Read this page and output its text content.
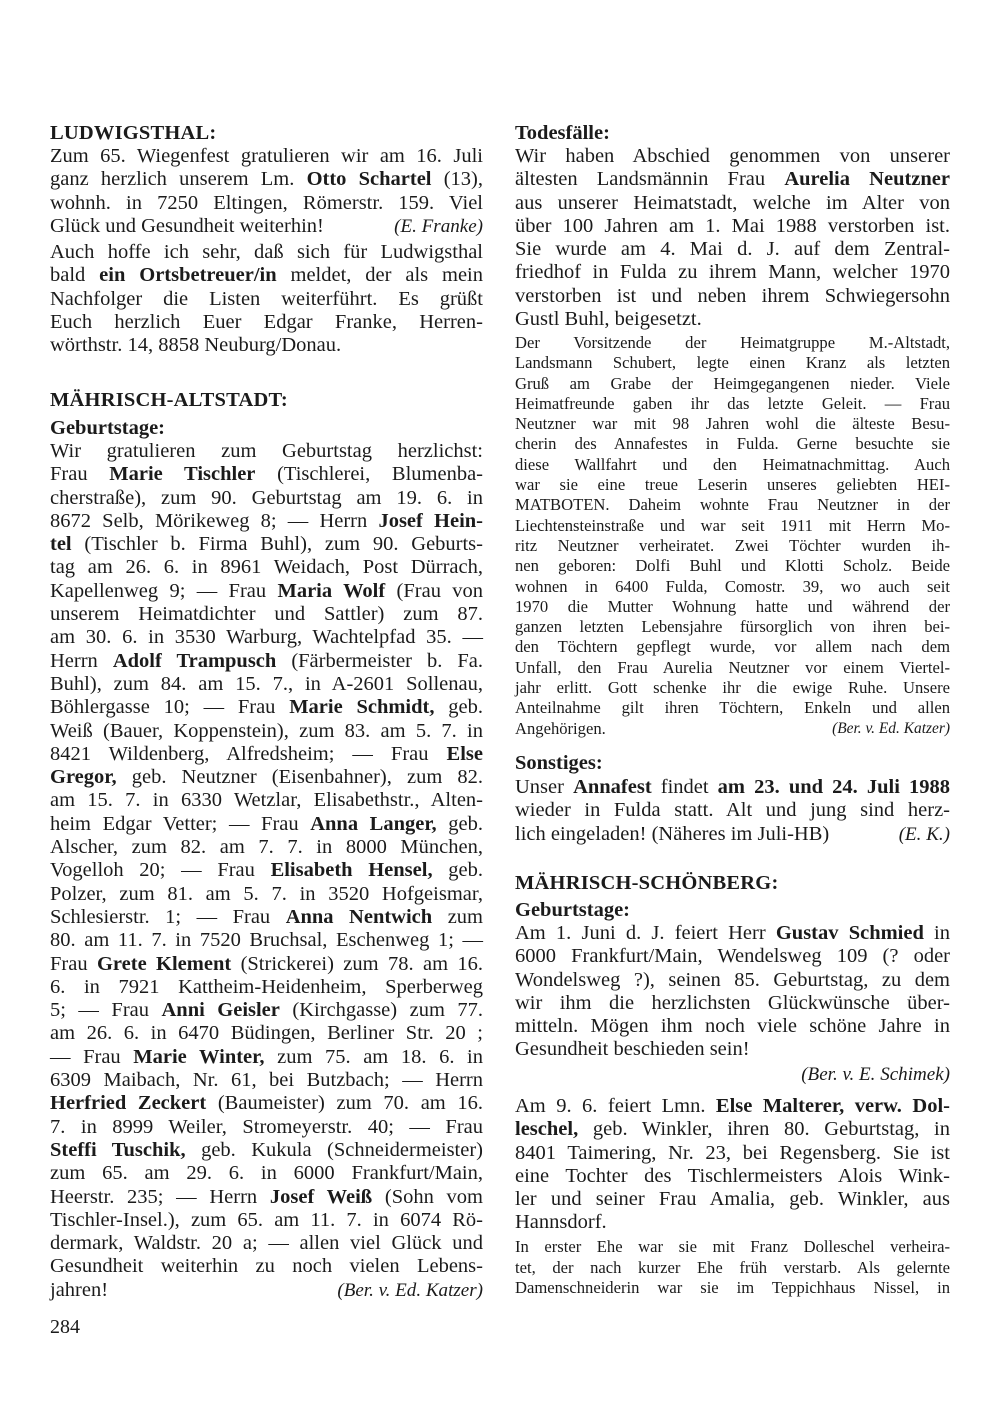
LUDWIGSTHAL:
Zum 65. Wiegenfest gratulieren wir am 16. Juli
ganz herzlich unserem Lm. Otto Schartel (13),
wohnh. in 7250 Eltingen, Römerstr. 159. Viel
(E. Franke)
Glück und Gesundheit weiterhin!
Auch hoffe ich sehr, daß sich für Ludwigsthal
bald ein Ortsbetreuer/in meldet, der als mein
Nachfolger die Listen weiterführt. Es grüßt
Euch herzlich Euer Edgar Franke, Herren-
wörthstr. 14, 8858 Neuburg/Donau.
MÄHRISCH-ALTSTADT:
Geburtstage:
Wir gratulieren zum Geburtstag herzlichst:
Frau Marie Tischler (Tischlerei, Blumenba-
cherstraße), zum 90. Geburtstag am 19. 6. in
8672 Selb, Mörikeweg 8; — Herrn Josef Hein-
tel (Tischler b. Firma Buhl), zum 90. Geburts-
tag am 26. 6. in 8961 Weidach, Post Dürrach,
Kapellenweg 9; — Frau Maria Wolf (Frau von
unserem Heimatdichter und Sattler) zum 87.
am 30. 6. in 3530 Warburg, Wachtelpfad 35. —
Herrn Adolf Trampusch (Färbermeister b. Fa.
Buhl), zum 84. am 15. 7., in A-2601 Sollenau,
Böhlergasse 10; — Frau Marie Schmidt, geb.
Weiß (Bauer, Koppenstein), zum 83. am 5. 7. in
8421 Wildenberg, Alfredsheim; — Frau Else
Gregor, geb. Neutzner (Eisenbahner), zum 82.
am 15. 7. in 6330 Wetzlar, Elisabethstr., Alten-
heim Edgar Vetter; — Frau Anna Langer, geb.
Alscher, zum 82. am 7. 7. in 8000 München,
Vogelloh 20; — Frau Elisabeth Hensel, geb.
Polzer, zum 81. am 5. 7. in 3520 Hofgeismar,
Schlesierstr. 1; — Frau Anna Nentwich zum
80. am 11. 7. in 7520 Bruchsal, Eschenweg 1; —
Frau Grete Klement (Strickerei) zum 78. am 16.
6. in 7921 Kattheim-Heidenheim, Sperberweg
5; — Frau Anni Geisler (Kirchgasse) zum 77.
am 26. 6. in 6470 Büdingen, Berliner Str. 20 ;
— Frau Marie Winter, zum 75. am 18. 6. in
6309 Maibach, Nr. 61, bei Butzbach; — Herrn
Herfried Zeckert (Baumeister) zum 70. am 16.
7. in 8999 Weiler, Stromeyerstr. 40; — Frau
Steffi Tuschik, geb. Kukula (Schneidermeister)
zum 65. am 29. 6. in 6000 Frankfurt/Main,
Heerstr. 235; — Herrn Josef Weiß (Sohn vom
Tischler-Insel.), zum 65. am 11. 7. in 6074 Rö-
dermark, Waldstr. 20 a; — allen viel Glück und
Gesundheit weiterhin zu noch vielen Lebens-
(Ber. v. Ed. Katzer)
jahren!
Todesfälle:
Wir haben Abschied genommen von unserer
ältesten Landsmännin Frau Aurelia Neutzner
aus unserer Heimatstadt, welche im Alter von
über 100 Jahren am 1. Mai 1988 verstorben ist.
Sie wurde am 4. Mai d. J. auf dem Zentral-
friedhof in Fulda zu ihrem Mann, welcher 1970
verstorben ist und neben ihrem Schwiegersohn
Gustl Buhl, beigesetzt.
Der Vorsitzende der Heimatgruppe M.-Altstadt,
Landsmann Schubert, legte einen Kranz als letzten
Gruß am Grabe der Heimgegangenen nieder. Viele
Heimatfreunde gaben ihr das letzte Geleit. — Frau
Neutzner war mit 98 Jahren wohl die älteste Besu-
cherin des Annafestes in Fulda. Gerne besuchte sie
diese Wallfahrt und den Heimatnachmittag. Auch
war sie eine treue Leserin unseres geliebten HEI-
MATBOTEN. Daheim wohnte Frau Neutzner in der
Liechtensteinstraße und war seit 1911 mit Herrn Mo-
ritz Neutzner verheiratet. Zwei Töchter wurden ih-
nen geboren: Dolfi Buhl und Klotti Scholz. Beide
wohnen in 6400 Fulda, Comostr. 39, wo auch seit
1970 die Mutter Wohnung hatte und während der
ganzen letzten Lebensjahre fürsorglich von ihren bei-
den Töchtern gepflegt wurde, vor allem nach dem
Unfall, den Frau Aurelia Neutzner vor einem Viertel-
jahr erlitt. Gott schenke ihr die ewige Ruhe. Unsere
Anteilnahme gilt ihren Töchtern, Enkeln und allen
(Ber. v. Ed. Katzer)
Angehörigen.
Sonstiges:
Unser Annafest findet am 23. und 24. Juli 1988
wieder in Fulda statt. Alt und jung sind herz-
(E. K.)
lich eingeladen! (Näheres im Juli-HB)
MÄHRISCH-SCHÖNBERG:
Geburtstage:
Am 1. Juni d. J. feiert Herr Gustav Schmied in
6000 Frankfurt/Main, Wendelsweg 109 (? oder
Wondelsweg ?), seinen 85. Geburtstag, zu dem
wir ihm die herzlichsten Glückwünsche über-
mitteln. Mögen ihm noch viele schöne Jahre in
Gesundheit beschieden sein!
(Ber. v. E. Schimek)
Am 9. 6. feiert Lmn. Else Malterer, verw. Dol-
leschel, geb. Winkler, ihren 80. Geburtstag, in
8401 Taimering, Nr. 23, bei Regensberg. Sie ist
eine Tochter des Tischlermeisters Alois Wink-
ler und seiner Frau Amalia, geb. Winkler, aus
Hannsdorf.
In erster Ehe war sie mit Franz Dolleschel verheira-
tet, der nach kurzer Ehe früh verstarb. Als gelernte
Damenschneiderin war sie im Teppichhaus Nissel, in
284
